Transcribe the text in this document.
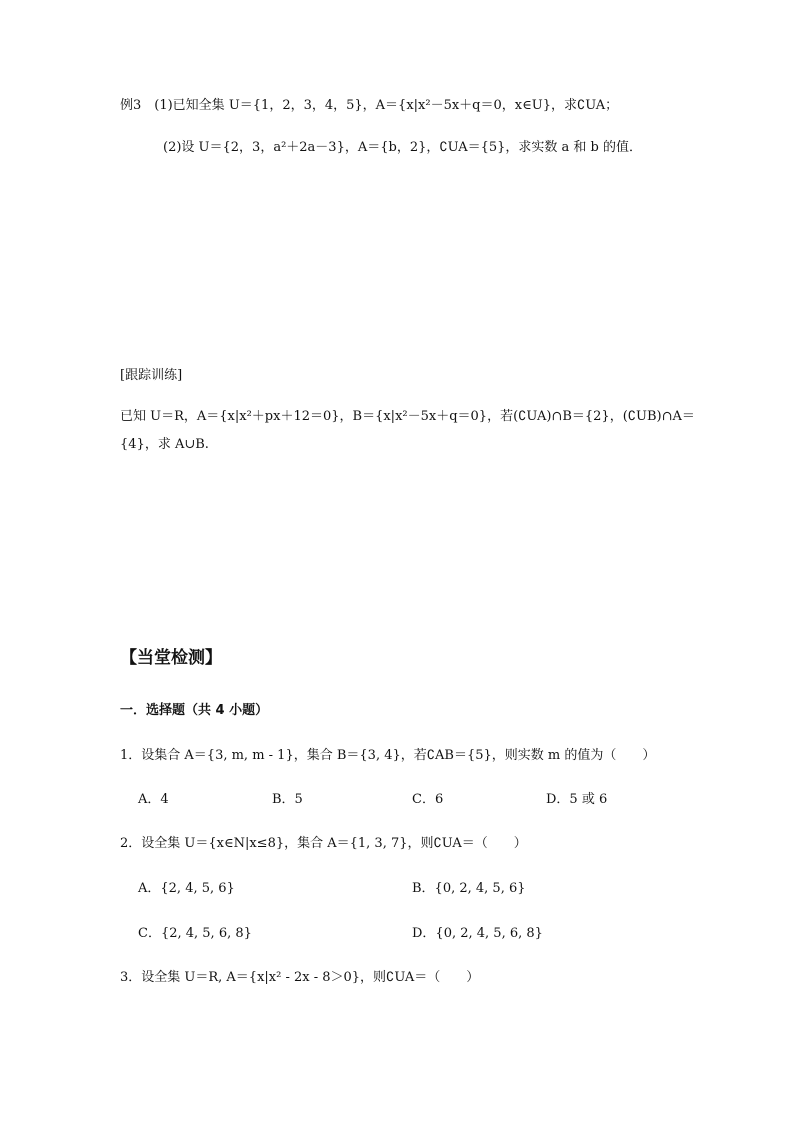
例3　(1)已知全集 U＝{1，2，3，4，5}，A＝{x|x²－5x＋q＝0，x∈U}，求∁UA；
(2)设 U＝{2，3，a²＋2a－3}，A＝{b，2}，∁UA＝{5}，求实数 a 和 b 的值．
[跟踪训练]
已知 U＝R，A＝{x|x²＋px＋12＝0}，B＝{x|x²－5x＋q＝0}，若(∁UA)∩B＝{2}，(∁UB)∩A＝
{4}，求 A∪B.
【当堂检测】
一．选择题（共 4 小题）
1．设集合 A＝{3, m, m - 1}，集合 B＝{3, 4}，若∁AB＝{5}，则实数 m 的值为（　　）
A．4	B．5	C．6	D．5 或 6
2．设全集 U＝{x∈N|x≤8}，集合 A＝{1, 3, 7}，则∁UA＝（　　）
A．{2, 4, 5, 6}	B．{0, 2, 4, 5, 6}
C．{2, 4, 5, 6, 8}	D．{0, 2, 4, 5, 6, 8}
3．设全集 U＝R, A＝{x|x² - 2x - 8＞0}，则∁UA＝（　　）
